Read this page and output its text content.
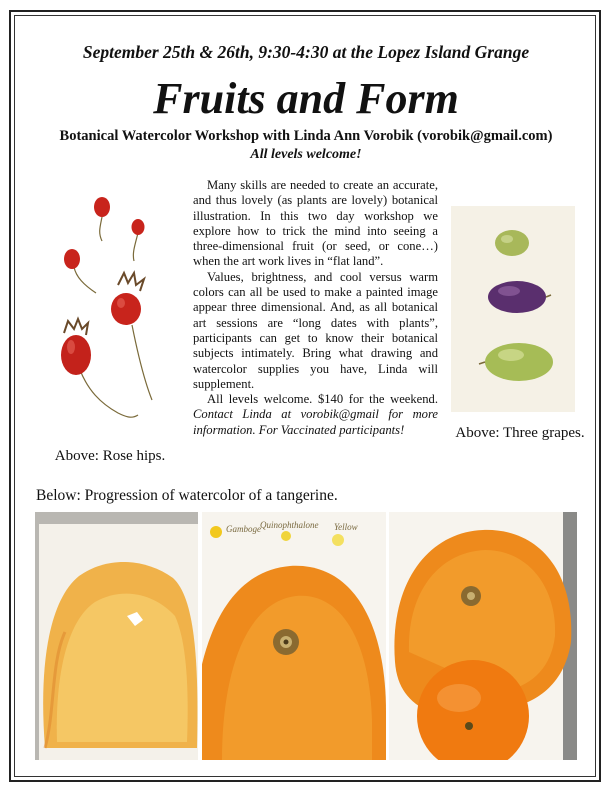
September 25th & 26th, 9:30-4:30 at the Lopez Island Grange
Fruits and Form
Botanical Watercolor Workshop with Linda Ann Vorobik (vorobik@gmail.com)
All levels welcome!

Many skills are needed to create an accurate, and thus lovely (as plants are lovely) botanical illustration. In this two day workshop we explore how to trick the mind into seeing a three-dimensional fruit (or seed, or cone…) when the art work lives in “flat land”.

Values, brightness, and cool versus warm colors can all be used to make a painted image appear three dimensional. And, as all botanical art sessions are “long dates with plants”, participants can get to know their botanical subjects intimately. Bring what drawing and watercolor supplies you have, Linda will supplement.

All levels welcome. $140 for the weekend. Contact Linda at vorobik@gmail for more information. For Vaccinated participants!

Above: Rose hips.
Above: Three grapes.
Below: Progression of watercolor of a tangerine.
Gamboge Quinophthalone Yellow
